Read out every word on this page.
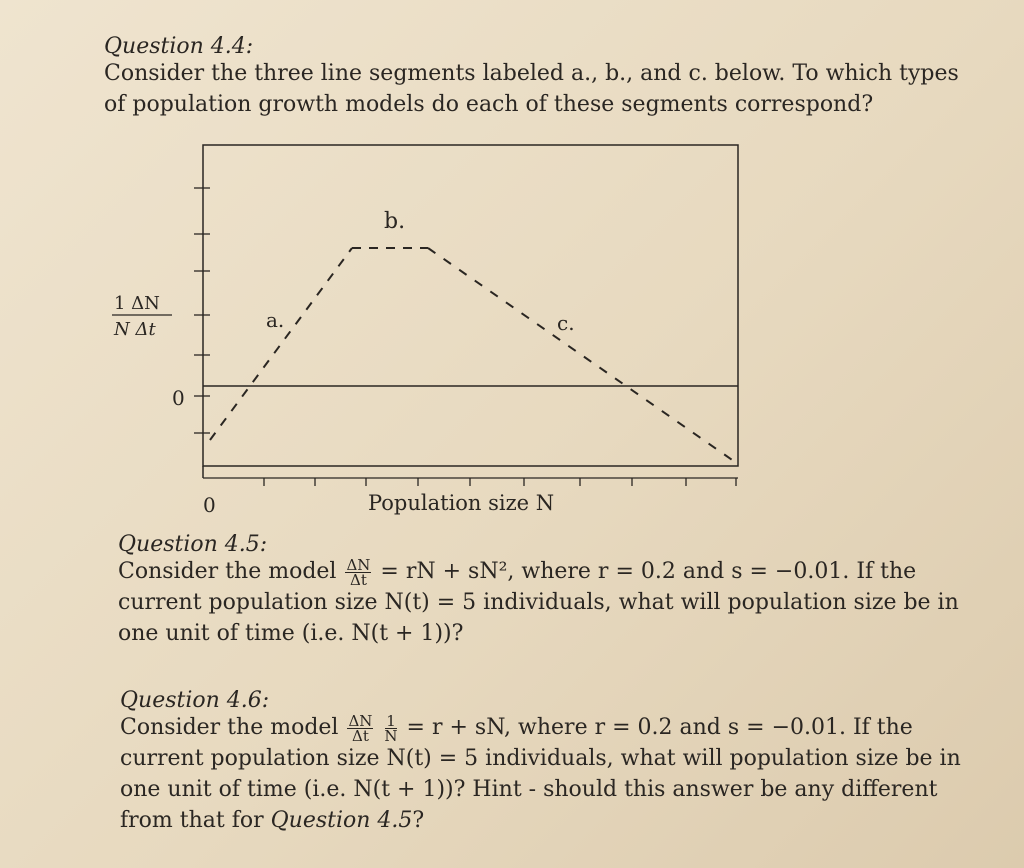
Question 4.4:
Consider the three line segments labeled a., b., and c. below. To which types
of population growth models do each of these segments correspond?
a.
b.
c.
1 ΔN
N Δt
0
0	Population size N
Question 4.5:
Consider the model $\frac{\Delta N}{\Delta t}$ = rN + sN², where r = 0.2 and s = −0.01. If the
current population size N(t) = 5 individuals, what will population size be in
one unit of time (i.e. N(t + 1))?
Question 4.6:
Consider the model $\frac{\Delta N}{\Delta t}$
$\frac{1}{N} = r$ + sN, where r = 0.2 and s = −0.01. If the
current population size N(t) = 5 individuals, what will population size be in
one unit of time (i.e. N(t + 1))? Hint - should this answer be any different
from that for Question 4.5?
